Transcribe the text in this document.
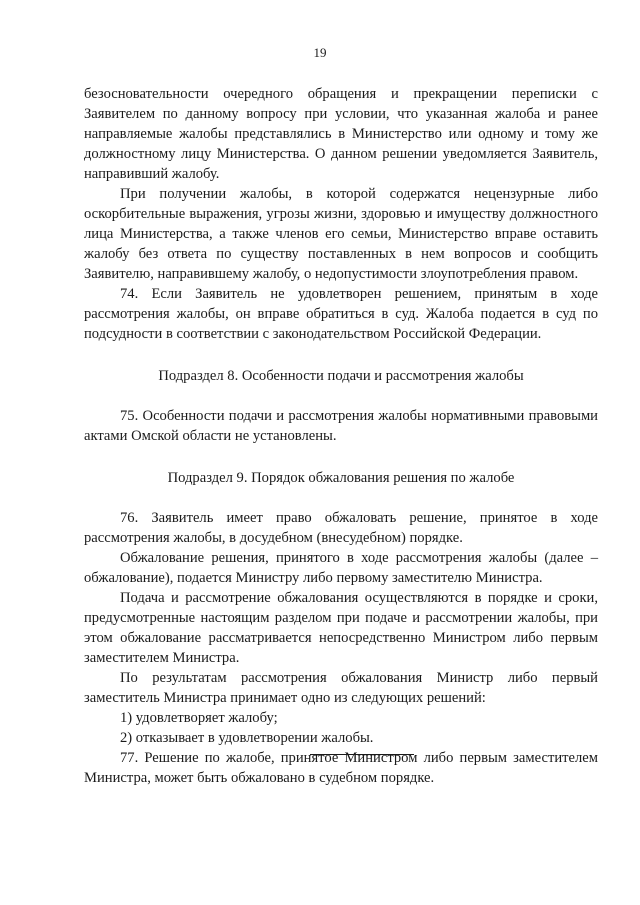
19

безосновательности очередного обращения и прекращении переписки с Заявителем по данному вопросу при условии, что указанная жалоба и ранее направляемые жалобы представлялись в Министерство или одному и тому же должностному лицу Министерства. О данном решении уведомляется Заявитель, направивший жалобу.

При получении жалобы, в которой содержатся нецензурные либо оскорбительные выражения, угрозы жизни, здоровью и имуществу должностного лица Министерства, а также членов его семьи, Министерство вправе оставить жалобу без ответа по существу поставленных в нем вопросов и сообщить Заявителю, направившему жалобу, о недопустимости злоупотребления правом.

74. Если Заявитель не удовлетворен решением, принятым в ходе рассмотрения жалобы, он вправе обратиться в суд. Жалоба подается в суд по подсудности в соответствии с законодательством Российской Федерации.

Подраздел 8. Особенности подачи и рассмотрения жалобы

75. Особенности подачи и рассмотрения жалобы нормативными правовыми актами Омской области не установлены.

Подраздел 9. Порядок обжалования решения по жалобе

76. Заявитель имеет право обжаловать решение, принятое в ходе рассмотрения жалобы, в досудебном (внесудебном) порядке.

Обжалование решения, принятого в ходе рассмотрения жалобы (далее – обжалование), подается Министру либо первому заместителю Министра.

Подача и рассмотрение обжалования осуществляются в порядке и сроки, предусмотренные настоящим разделом при подаче и рассмотрении жалобы, при этом обжалование рассматривается непосредственно Министром либо первым заместителем Министра.

По результатам рассмотрения обжалования Министр либо первый заместитель Министра принимает одно из следующих решений:

1) удовлетворяет жалобу;

2) отказывает в удовлетворении жалобы.

77. Решение по жалобе, принятое Министром либо первым заместителем Министра, может быть обжаловано в судебном порядке.
